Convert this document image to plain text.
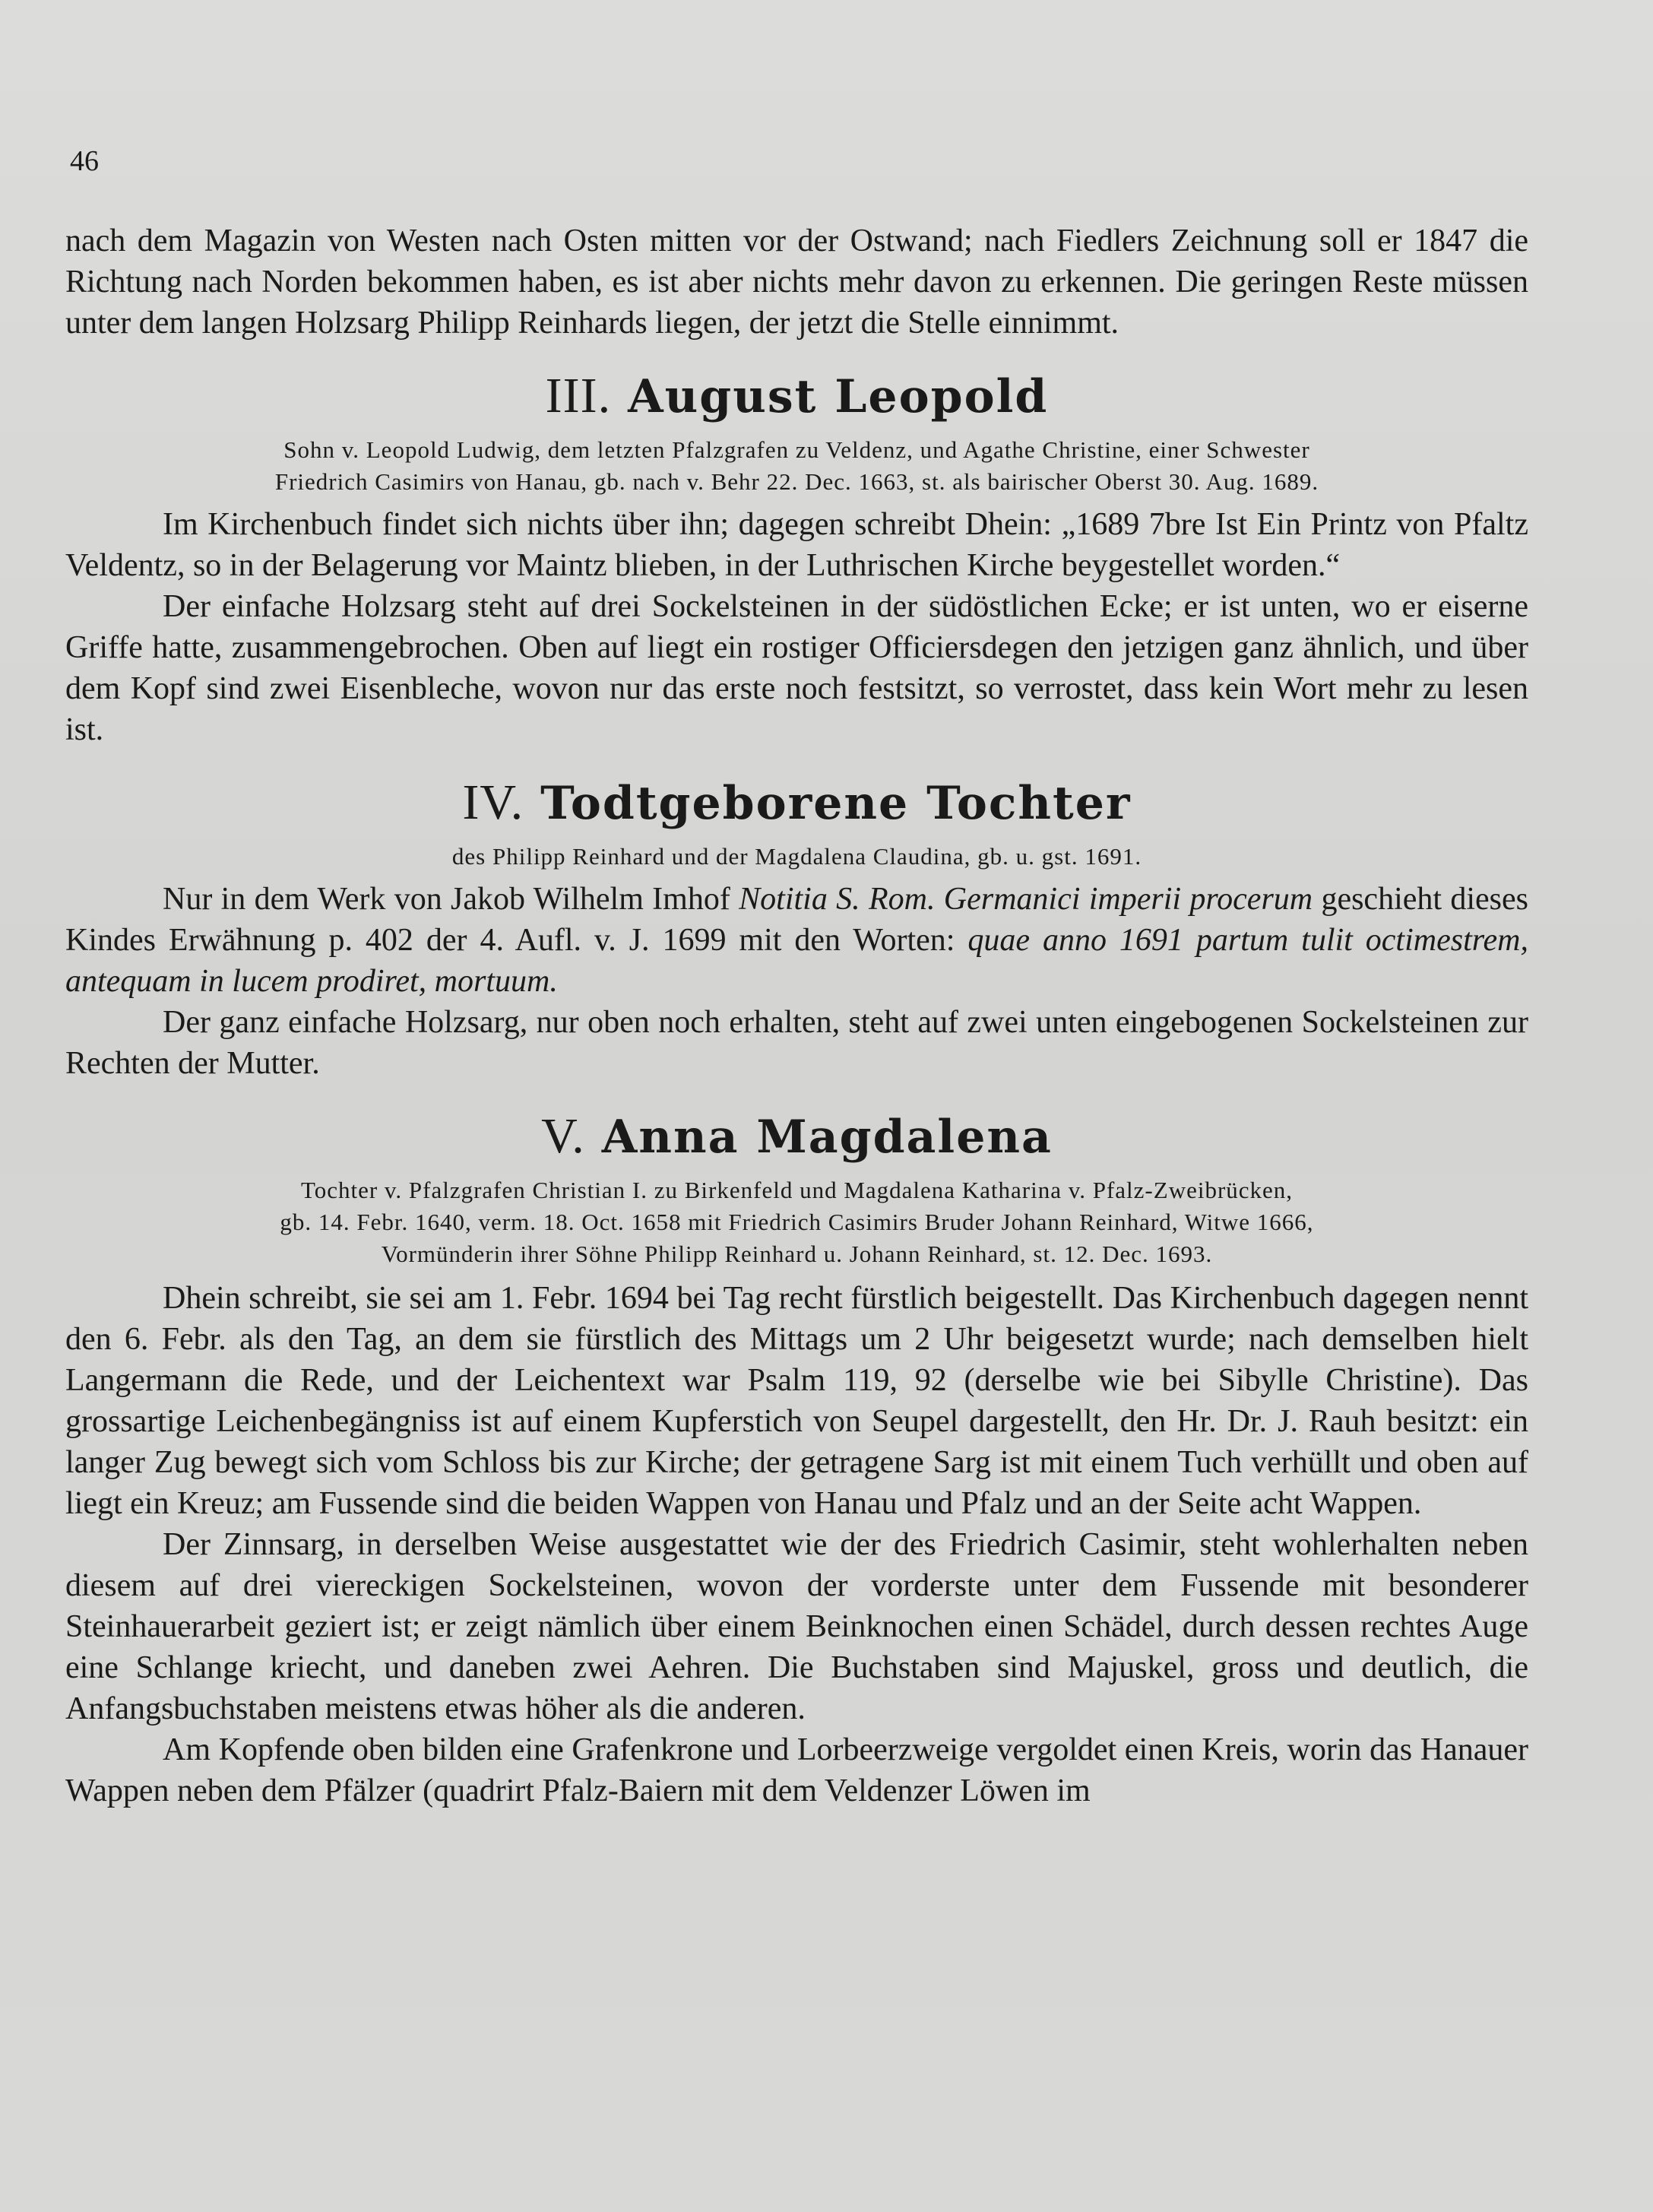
46

nach dem Magazin von Westen nach Osten mitten vor der Ostwand; nach Fiedlers Zeichnung soll er 1847 die Richtung nach Norden bekommen haben, es ist aber nichts mehr davon zu erkennen. Die geringen Reste müssen unter dem langen Holzsarg Philipp Reinhards liegen, der jetzt die Stelle einnimmt.

III. August Leopold
Sohn v. Leopold Ludwig, dem letzten Pfalzgrafen zu Veldenz, und Agathe Christine, einer Schwester
Friedrich Casimirs von Hanau, gb. nach v. Behr 22. Dec. 1663, st. als bairischer Oberst 30. Aug. 1689.

Im Kirchenbuch findet sich nichts über ihn; dagegen schreibt Dhein: „1689 7bre Ist Ein Printz von Pfaltz Veldentz, so in der Belagerung vor Maintz blieben, in der Luthrischen Kirche beygestellet worden.“

Der einfache Holzsarg steht auf drei Sockelsteinen in der südöstlichen Ecke; er ist unten, wo er eiserne Griffe hatte, zusammengebrochen. Oben auf liegt ein rostiger Officiersdegen den jetzigen ganz ähnlich, und über dem Kopf sind zwei Eisenbleche, wovon nur das erste noch festsitzt, so verrostet, dass kein Wort mehr zu lesen ist.

IV. Todtgeborene Tochter
des Philipp Reinhard und der Magdalena Claudina, gb. u. gst. 1691.

Nur in dem Werk von Jakob Wilhelm Imhof Notitia S. Rom. Germanici imperii procerum geschieht dieses Kindes Erwähnung p. 402 der 4. Aufl. v. J. 1699 mit den Worten: quae anno 1691 partum tulit octimestrem, antequam in lucem prodiret, mortuum.

Der ganz einfache Holzsarg, nur oben noch erhalten, steht auf zwei unten eingebogenen Sockelsteinen zur Rechten der Mutter.

V. Anna Magdalena
Tochter v. Pfalzgrafen Christian I. zu Birkenfeld und Magdalena Katharina v. Pfalz-Zweibrücken,
gb. 14. Febr. 1640, verm. 18. Oct. 1658 mit Friedrich Casimirs Bruder Johann Reinhard, Witwe 1666,
Vormünderin ihrer Söhne Philipp Reinhard u. Johann Reinhard, st. 12. Dec. 1693.

Dhein schreibt, sie sei am 1. Febr. 1694 bei Tag recht fürstlich beigestellt. Das Kirchenbuch dagegen nennt den 6. Febr. als den Tag, an dem sie fürstlich des Mittags um 2 Uhr beigesetzt wurde; nach demselben hielt Langermann die Rede, und der Leichentext war Psalm 119, 92 (derselbe wie bei Sibylle Christine). Das grossartige Leichenbegängniss ist auf einem Kupferstich von Seupel dargestellt, den Hr. Dr. J. Rauh besitzt: ein langer Zug bewegt sich vom Schloss bis zur Kirche; der getragene Sarg ist mit einem Tuch verhüllt und oben auf liegt ein Kreuz; am Fussende sind die beiden Wappen von Hanau und Pfalz und an der Seite acht Wappen.

Der Zinnsarg, in derselben Weise ausgestattet wie der des Friedrich Casimir, steht wohlerhalten neben diesem auf drei viereckigen Sockelsteinen, wovon der vorderste unter dem Fussende mit besonderer Steinhauerarbeit geziert ist; er zeigt nämlich über einem Beinknochen einen Schädel, durch dessen rechtes Auge eine Schlange kriecht, und daneben zwei Aehren. Die Buchstaben sind Majuskel, gross und deutlich, die Anfangsbuchstaben meistens etwas höher als die anderen.

Am Kopfende oben bilden eine Grafenkrone und Lorbeerzweige vergoldet einen Kreis, worin das Hanauer Wappen neben dem Pfälzer (quadrirt Pfalz-Baiern mit dem Veldenzer Löwen im
